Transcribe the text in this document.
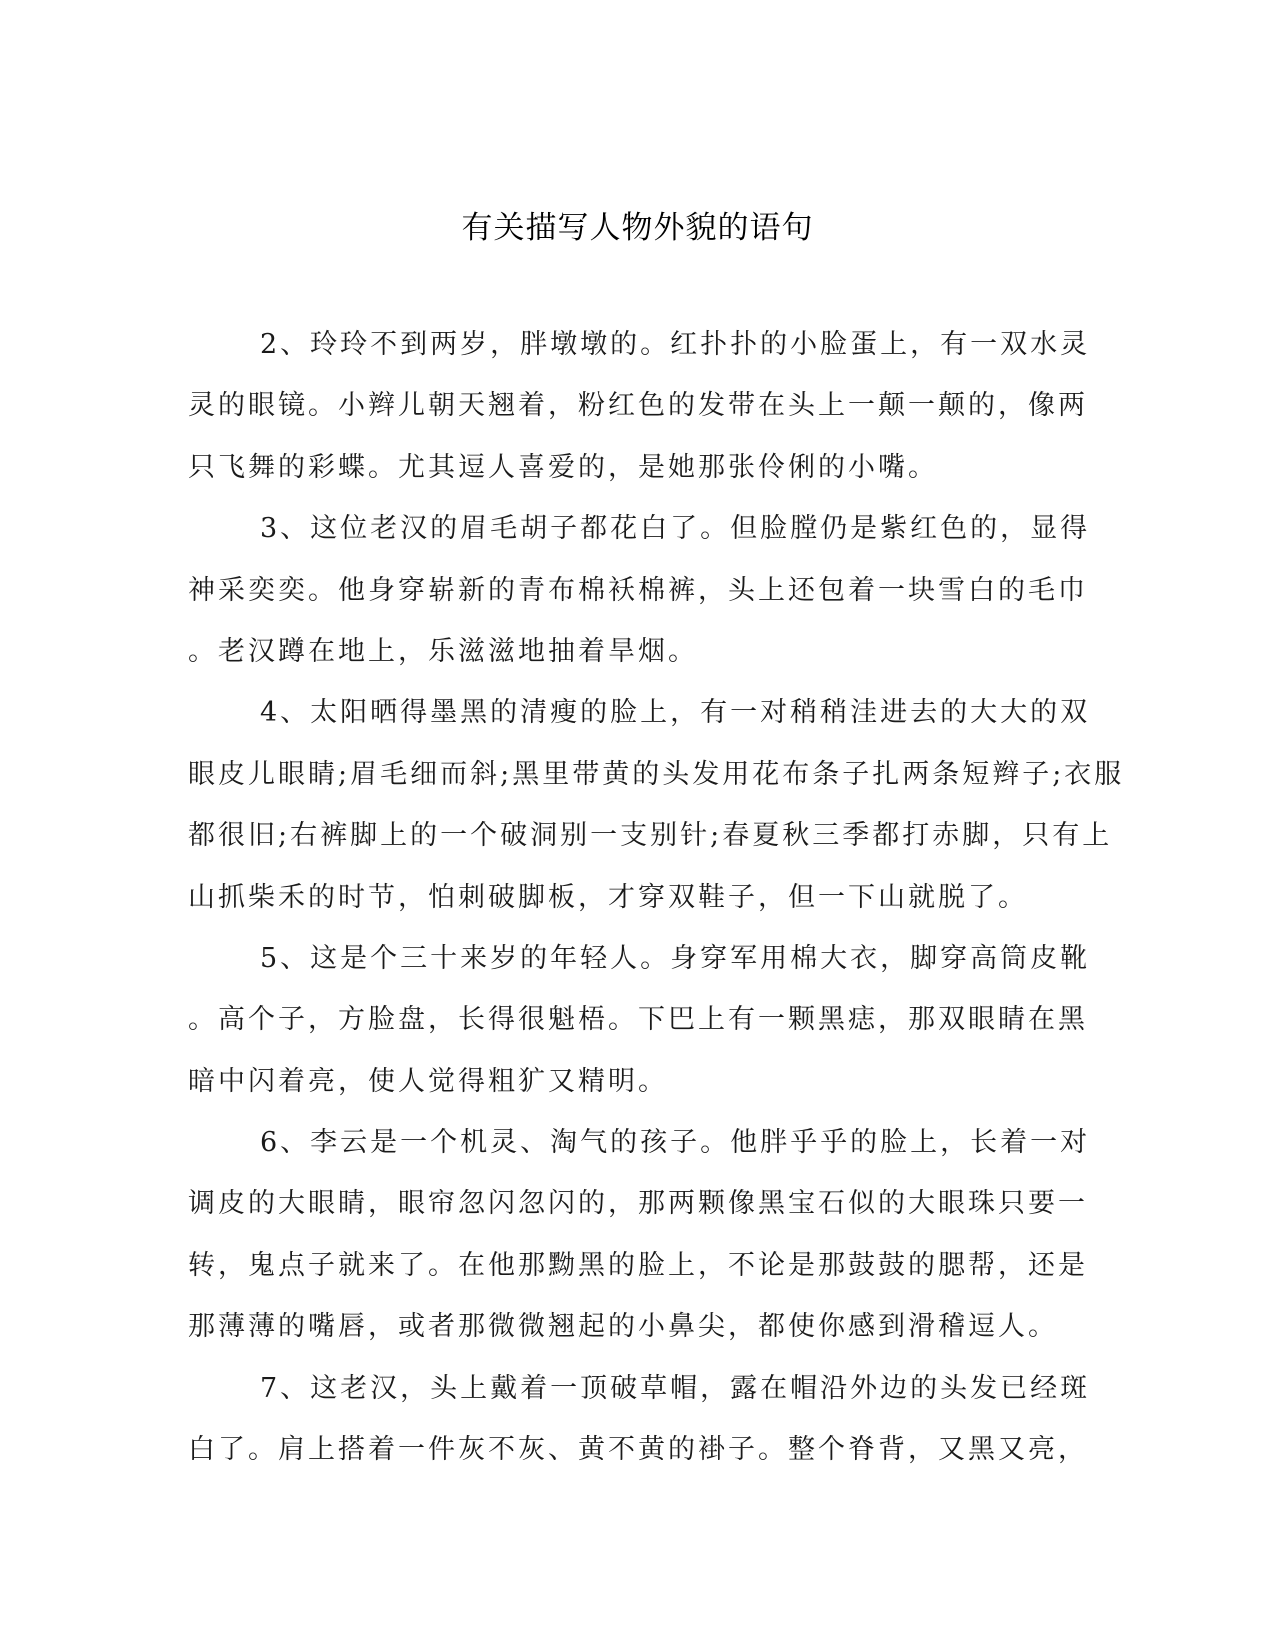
有关描写人物外貌的语句
2、玲玲不到两岁，胖墩墩的。红扑扑的小脸蛋上，有一双水灵
灵的眼镜。小辫儿朝天翘着，粉红色的发带在头上一颠一颠的，像两
只飞舞的彩蝶。尤其逗人喜爱的，是她那张伶俐的小嘴。
3、这位老汉的眉毛胡子都花白了。但脸膛仍是紫红色的，显得
神采奕奕。他身穿崭新的青布棉袄棉裤，头上还包着一块雪白的毛巾
。老汉蹲在地上，乐滋滋地抽着旱烟。
4、太阳晒得墨黑的清瘦的脸上，有一对稍稍洼进去的大大的双
眼皮儿眼睛;眉毛细而斜;黑里带黄的头发用花布条子扎两条短辫子;衣服
都很旧;右裤脚上的一个破洞别一支别针;春夏秋三季都打赤脚，只有上
山抓柴禾的时节，怕刺破脚板，才穿双鞋子，但一下山就脱了。
5、这是个三十来岁的年轻人。身穿军用棉大衣，脚穿高筒皮靴
。高个子，方脸盘，长得很魁梧。下巴上有一颗黑痣，那双眼睛在黑
暗中闪着亮，使人觉得粗犷又精明。
6、李云是一个机灵、淘气的孩子。他胖乎乎的脸上，长着一对
调皮的大眼睛，眼帘忽闪忽闪的，那两颗像黑宝石似的大眼珠只要一
转，鬼点子就来了。在他那黝黑的脸上，不论是那鼓鼓的腮帮，还是
那薄薄的嘴唇，或者那微微翘起的小鼻尖，都使你感到滑稽逗人。
7、这老汉，头上戴着一顶破草帽，露在帽沿外边的头发已经斑
白了。肩上搭着一件灰不灰、黄不黄的褂子。整个脊背，又黑又亮，
